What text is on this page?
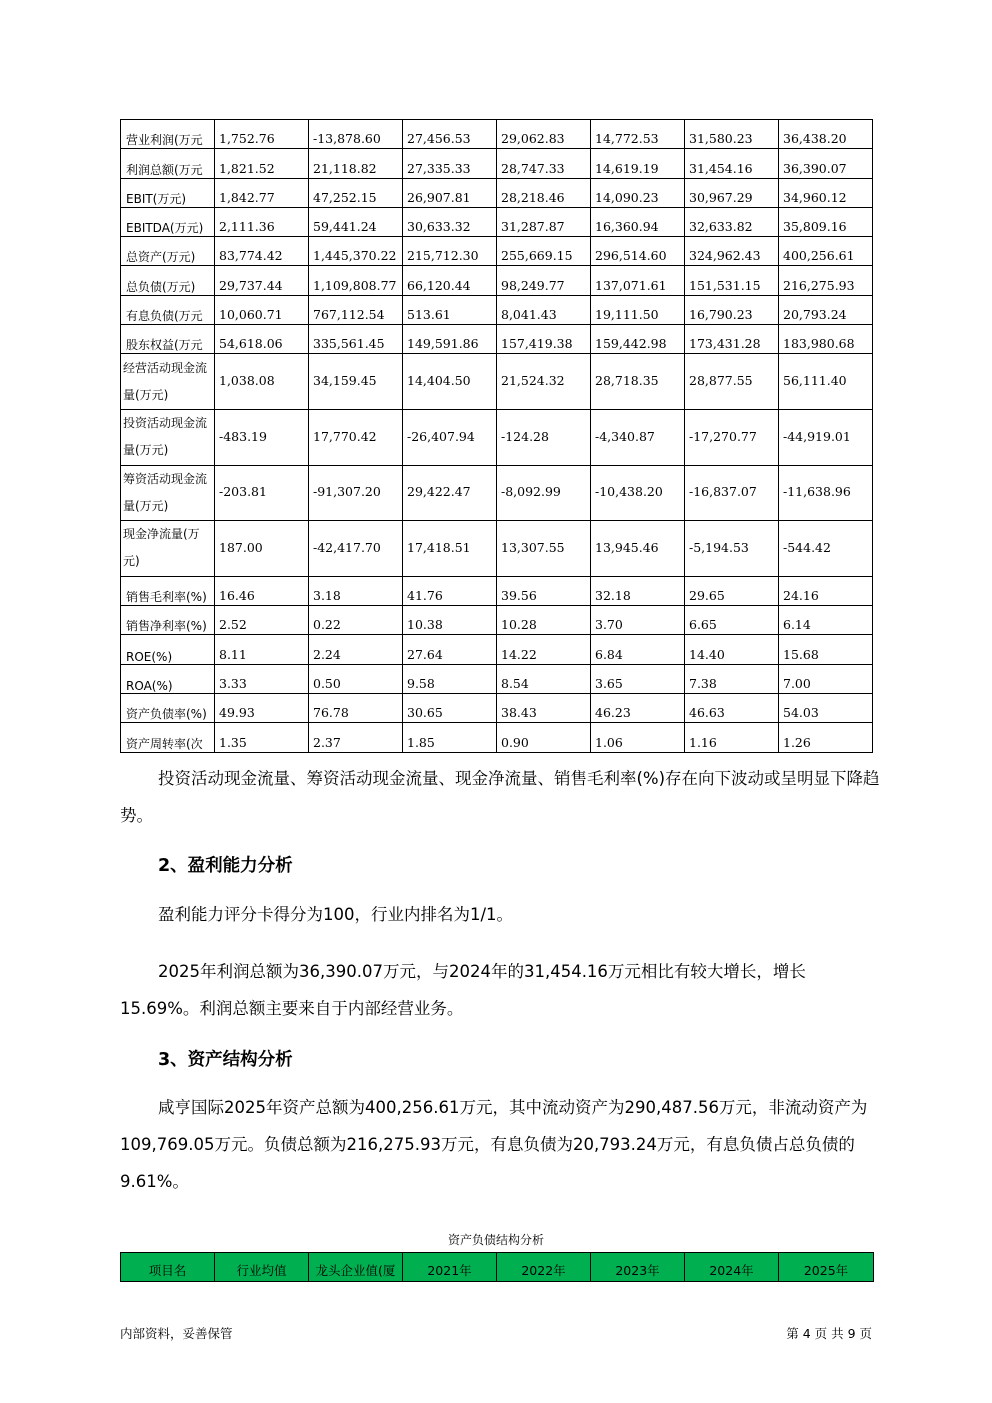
营业利润(万元	1,752.76	-13,878.60	27,456.53	29,062.83	14,772.53	31,580.23	36,438.20
利润总额(万元	1,821.52	21,118.82	27,335.33	28,747.33	14,619.19	31,454.16	36,390.07
EBIT(万元)	1,842.77	47,252.15	26,907.81	28,218.46	14,090.23	30,967.29	34,960.12
EBITDA(万元)	2,111.36	59,441.24	30,633.32	31,287.87	16,360.94	32,633.82	35,809.16
总资产(万元)	83,774.42	1,445,370.22	215,712.30	255,669.15	296,514.60	324,962.43	400,256.61
总负债(万元)	29,737.44	1,109,808.77	66,120.44	98,249.77	137,071.61	151,531.15	216,275.93
有息负债(万元	10,060.71	767,112.54	513.61	8,041.43	19,111.50	16,790.23	20,793.24
股东权益(万元	54,618.06	335,561.45	149,591.86	157,419.38	159,442.98	173,431.28	183,980.68
经营活动现金流量(万元)	1,038.08	34,159.45	14,404.50	21,524.32	28,718.35	28,877.55	56,111.40
投资活动现金流量(万元)	-483.19	17,770.42	-26,407.94	-124.28	-4,340.87	-17,270.77	-44,919.01
筹资活动现金流量(万元)	-203.81	-91,307.20	29,422.47	-8,092.99	-10,438.20	-16,837.07	-11,638.96
现金净流量(万元)	187.00	-42,417.70	17,418.51	13,307.55	13,945.46	-5,194.53	-544.42
销售毛利率(%)	16.46	3.18	41.76	39.56	32.18	29.65	24.16
销售净利率(%)	2.52	0.22	10.38	10.28	3.70	6.65	6.14
ROE(%)	8.11	2.24	27.64	14.22	6.84	14.40	15.68
ROA(%)	3.33	0.50	9.58	8.54	3.65	7.38	7.00
资产负债率(%)	49.93	76.78	30.65	38.43	46.23	46.63	54.03
资产周转率(次	1.35	2.37	1.85	0.90	1.06	1.16	1.26

投资活动现金流量、筹资活动现金流量、现金净流量、销售毛利率(%)存在向下波动或呈明显下降趋势。

2、盈利能力分析

盈利能力评分卡得分为100，行业内排名为1/1。

2025年利润总额为36,390.07万元，与2024年的31,454.16万元相比有较大增长，增长15.69%。利润总额主要来自于内部经营业务。

3、资产结构分析

咸亨国际2025年资产总额为400,256.61万元，其中流动资产为290,487.56万元，非流动资产为109,769.05万元。负债总额为216,275.93万元，有息负债为20,793.24万元，有息负债占总负债的9.61%。

资产负债结构分析
项目名	行业均值	龙头企业值(厦	2021年	2022年	2023年	2024年	2025年
内部资料，妥善保管	第 4 页 共 9 页
